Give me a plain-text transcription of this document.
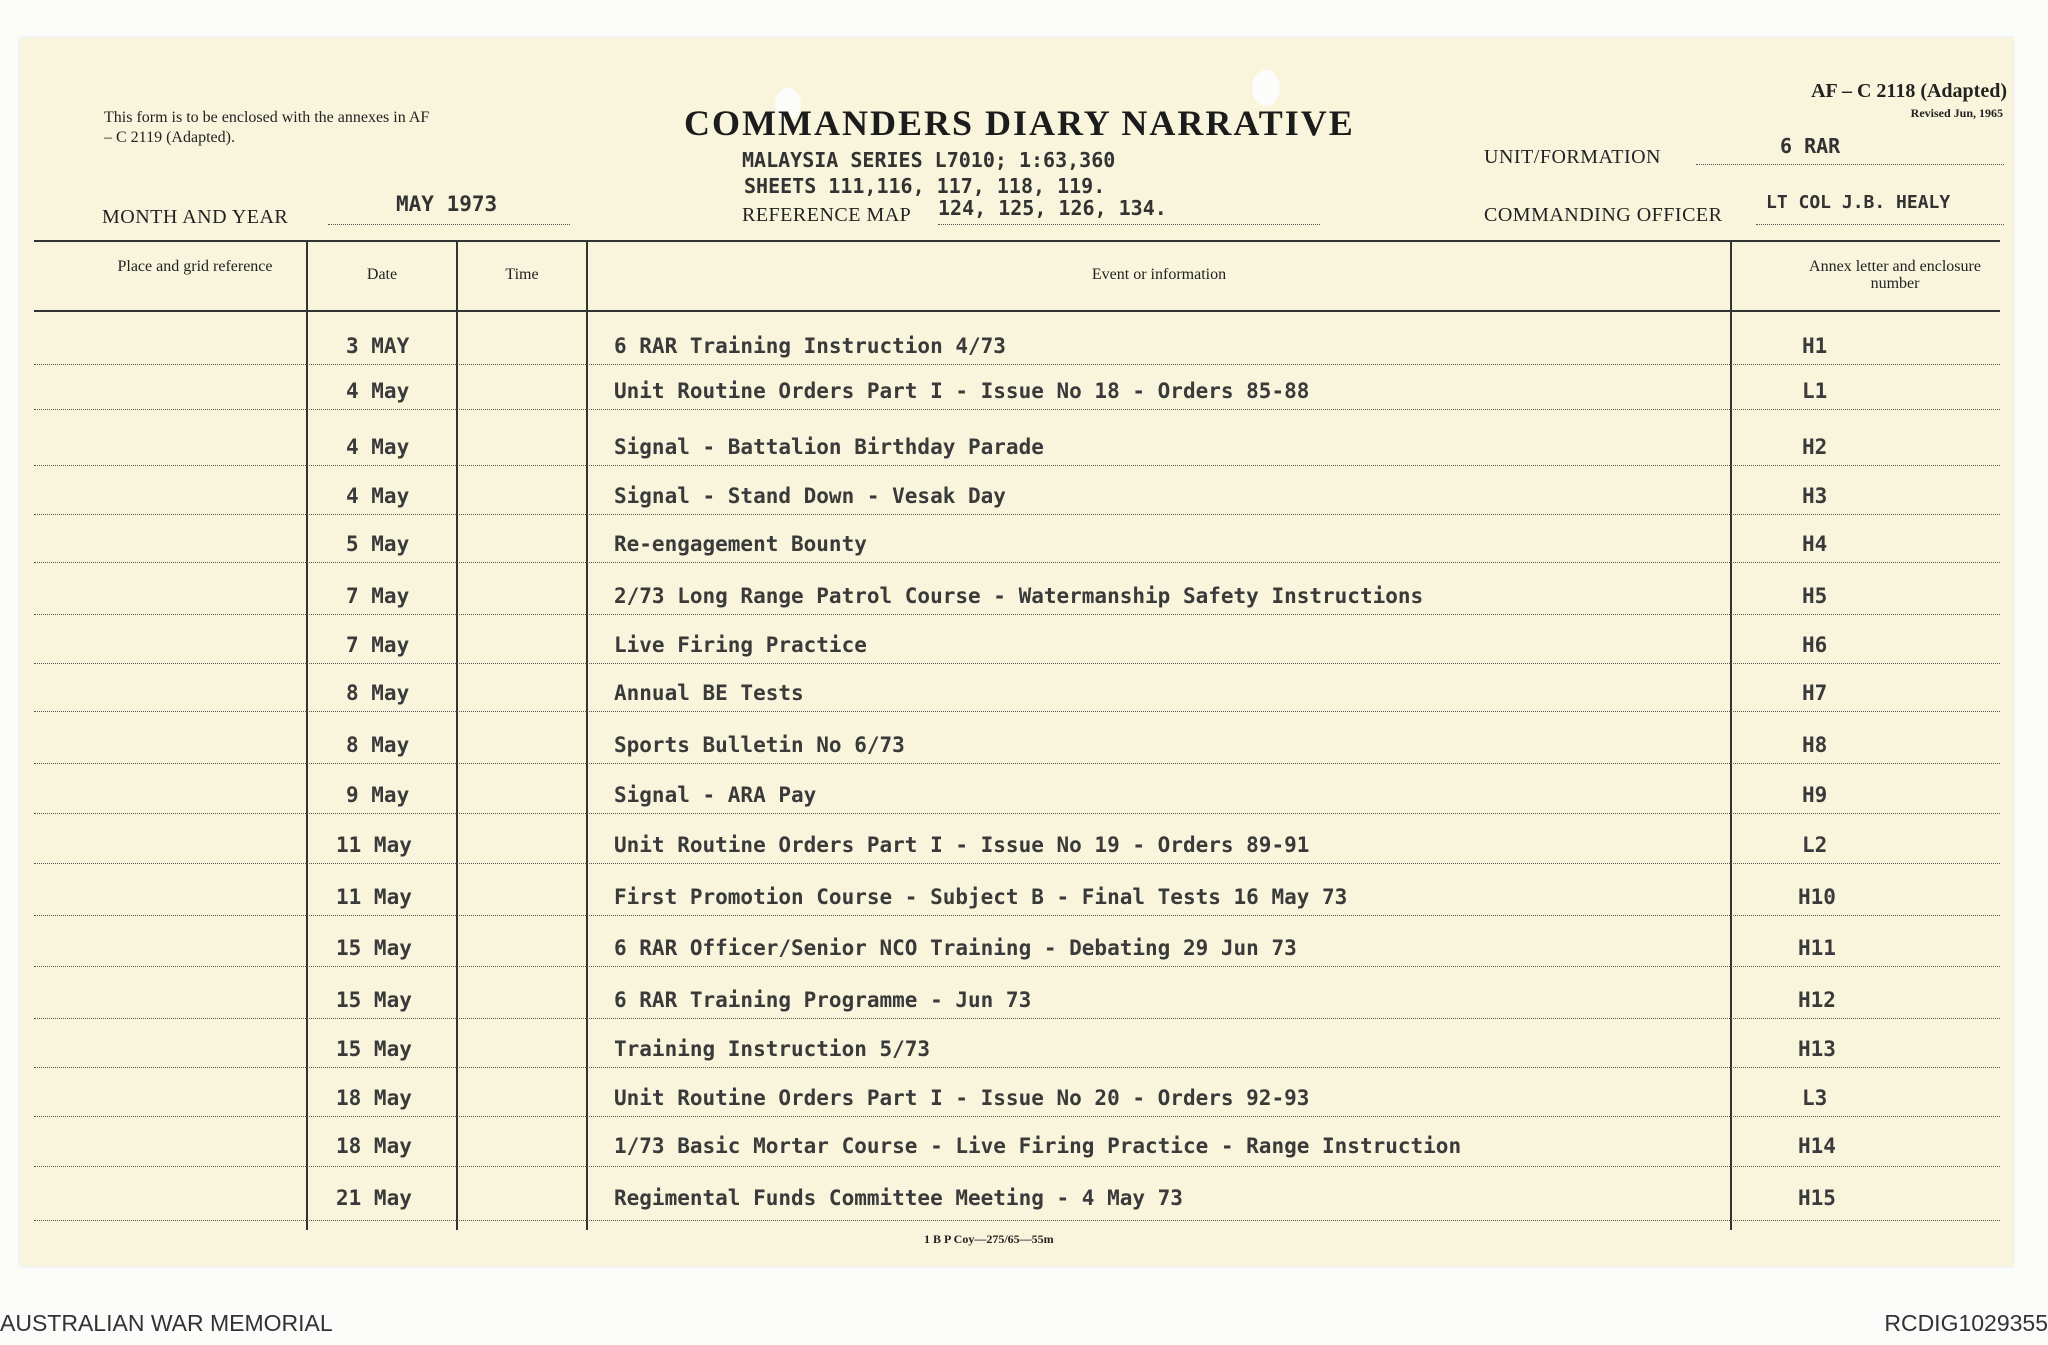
This form is to be enclosed with the annexes in AF – C 2119 (Adapted).	COMMANDERS DIARY NARRATIVE
AF – C 2118 (Adapted)
Revised Jun, 1965
MALAYSIA SERIES L7010; 1:63,360
SHEETS 111,116, 117, 118, 119.
REFERENCE MAP 124, 125, 126, 134.
MONTH AND YEAR
MAY 1973
UNIT/FORMATION	6 RAR
COMMANDING OFFICER
LT COL J.B. HEALY
Place and grid reference	Date	Time	Event or information	Annex letter and enclosure number
3 MAY	6 RAR Training Instruction 4/73	H1
4 May	Unit Routine Orders Part I - Issue No 18 - Orders 85-88	L1
4 May	Signal - Battalion Birthday Parade	H2
4 May	Signal - Stand Down - Vesak Day	H3
5 May	Re-engagement Bounty	H4
7 May	2/73 Long Range Patrol Course - Watermanship Safety Instructions	H5
7 May	Live Firing Practice	H6
8 May	Annual BE Tests	H7
8 May	Sports Bulletin No 6/73	H8
9 May	Signal - ARA Pay	H9
11 May	Unit Routine Orders Part I - Issue No 19 - Orders 89-91	L2
11 May	First Promotion Course - Subject B - Final Tests 16 May 73	H10
15 May	6 RAR Officer/Senior NCO Training - Debating 29 Jun 73	H11
15 May	6 RAR Training Programme - Jun 73	H12
15 May	Training Instruction 5/73	H13
18 May	Unit Routine Orders Part I - Issue No 20 - Orders 92-93	L3
18 May	1/73 Basic Mortar Course - Live Firing Practice - Range Instruction	H14
21 May	Regimental Funds Committee Meeting - 4 May 73	H15
1 B P Coy—275/65—55m
AUSTRALIAN WAR MEMORIAL	RCDIG1029355
